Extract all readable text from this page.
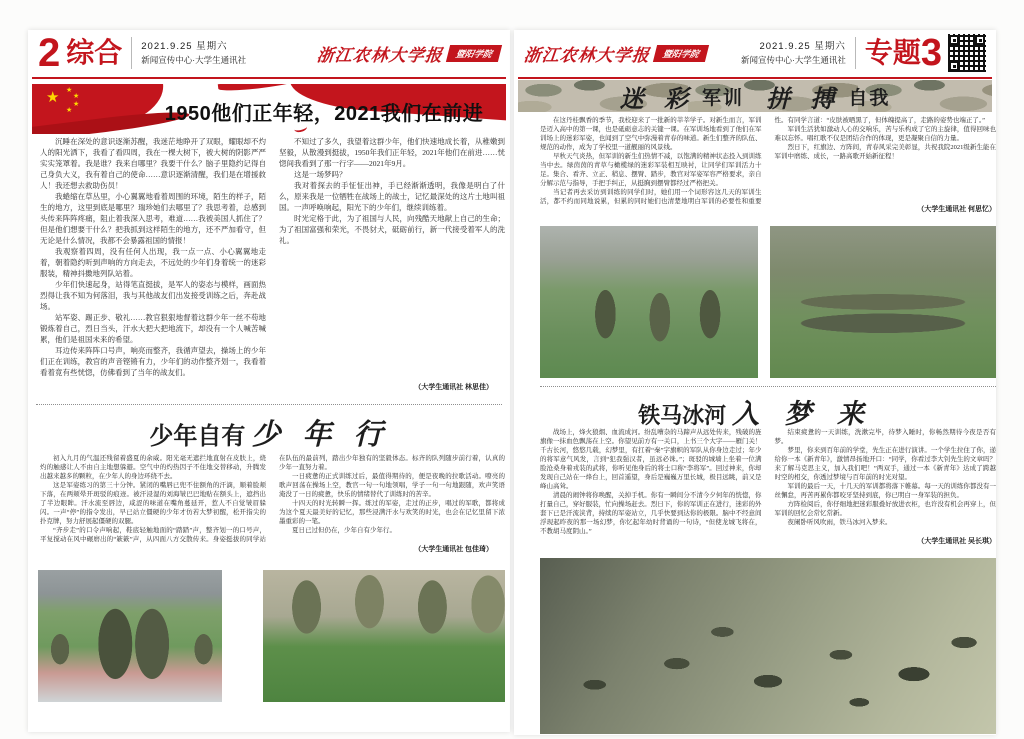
2 综合 2021.9.25 星期六
新闻宣传中心·大学生通讯社	浙江农林大学报	暨阳学院
★ ★
★
★
★	1950他们正年轻，2021我们在前进

沉睡在深处的意识逐渐苏醒，我迷茫地睁开了双眼，耀眼却不灼人的阳光洒下，我看了看四周，我在一棵大树下，被大树的阴影严严实实笼罩着。我是谁？我来自哪里？我要干什么？脑子里隐约记得自己身负大义，我有着自己的使命……意识逐渐清醒，我们是在增援救人！我还想去救助伤员！

我蜷缩在草丛里，小心翼翼地看着周围的环境，陌生的样子，陌生的地方，这里到底是哪里？瑞珍她们去哪里了？我思考着，总感到头传来阵阵疼痛，阻止着我深入思考，难道……我被美国人抓住了？但是他们想要干什么？把我抓到这样陌生的地方，还不严加看守，但无论是什么情况，我都不会暴露祖国的情报！

我观察着四周，没有任何人出现，我一点一点、小心翼翼地走着，朝着隐约听到声响的方向走去，不远处的少年们身着统一的迷彩服装，精神抖擞地列队站着。

少年们快速起身，站得笔直挺拔，是军人的姿态与模样，画面热烈得让我不知为何落泪，我与其他战友们出发接受训练之后，奔赴战场。

站军姿、踢正步、敬礼……教官狠狠地督着这群少年一丝不苟地锻炼着自己，烈日当头，汗水大把大把地流下，却没有一个人喊苦喊累，他们是祖国未来的希望。

耳边传来阵阵口号声，响亮而整齐，我循声望去，操场上的少年们正在训练，教官的声音铿锵有力，少年们的动作整齐划一，我看着看着竟有些恍惚，仿佛看到了当年的战友们。

不知过了多久，我望着这群少年，他们快速地成长着，从稚嫩到坚毅，从散漫到挺拔，1950年我们正年轻，2021年他们在前进……恍惚间我看到了那一行字——2021年9月。

这是一场梦吗？

我对着探去的手怔怔出神，手已经渐渐透明，我像是明白了什么，原来我是一位牺牲在战场上的战士，记忆最深处的这片土地叫祖国。一声呼唤响起，阳光下的少年们，继续训练着。

时光定格于此，为了祖国与人民，向残酷天地献上自己的生命；为了祖国富强和荣光，不畏豺犬，砥砺前行，新一代接受着军人的洗礼。

（大学生通讯社 林思佳）
少年自有 少 年 行

初入九月的气温还残留着盛夏的余威。阳光毫无遮拦地直射在皮肤上，烧灼的触感让人不由自主地想躲避。空气中的灼热因子不住地交替移动，升腾发出越来越多的颗粒，在少年人的身边环绕不去。

这是军姿练习的第三十分钟。紧闭的嘴唇已兜不住额角的汗滴，顺着脸颊下落，在两颊晕开斑驳的痕迹。被汗浸湿的刘海皱巴巴地贴在额头上，遮挡出了半边眼眸。汗水流至唇边，咸涩的味道在嘴角蔓延开，惹人不自觉皱眉躲闪。一声“停”的指令发出，早已站立僵硬的少年才仿若大梦初醒，松开指尖的扑克牌，努力舒展起僵硬的双腿。

“齐步走”的口令声响起，鞋底轻触地面的“踏踏”声，整齐划一的口号声，平复搅动在风中碾磨出的“簌簌”声，从四面八方交散传来。身姿挺拔的同学站在队伍的最前列，踏出少年独有的坚毅体态。标齐的队列随步前行着，认真的少年一直努力着。

一日疲惫的正式训练过后，最值得期待的，便是夜晚的拉歌活动。嘹亮的歌声回荡在操场上空，教官一句一句地领唱，学子一句一句地跟随，欢声笑语淹没了一日的疲惫，快乐的情绪替代了训练时的苦辛。

十四天的时光转瞬一挥。练过的军姿，走过的正步，唱过的军歌，都将成为这个夏天最美好的记忆，那些浸满汗水与欢笑的时光，也会在记忆里留下浓墨重彩的一笔。

夏日已过但仍在，少年自有少年行。

（大学生通讯社 包佳琦）
浙江农林大学报	暨阳学院
2021.9.25 星期六
新闻宣传中心·大学生通讯社 专题 3
迷 彩 军训 拼 搏 自我

在这丹桂飘香的季节，我校迎来了一批新的莘莘学子。对新生而言，军训是迈入高中的第一课，也是砥砺意志的关键一课。在军训场地看到了他们在军训场上的迷彩军姿，也闻到了空气中弥漫着青春的味道。新生们整齐的队伍、规范的动作，成为了学校里一道靓丽的风景线。

早秋天气炎热，但军训的新生们热情不减，以饱满的精神状态投入到训练当中去。绿茵茵的青草与橄榄绿的迷彩军装相互映衬，让同学们军训活力十足。集合、看齐、立正、稍息、摆臂、踏步，教官对军姿军容严格要求，亲自分解示范与指导，手把手纠正，从挺胸到摆臂都经过严格把关。

当记者再去采访到训练的同学们时，她们用一个词形容这几天的军训生活，都不约而同地说累，但累的同时她们也清楚地明白军训的必要性和重要性。有同学言道：“皮肤被晒黑了，但体魄提高了，走路的姿势也端正了。”

军训生活犹如激动人心的交响乐，苦与乐构成了它的主旋律，值得回味也难以忘怀。唱红歌不仅是团结合作的体现，更是凝聚自信的力量。

烈日下，红旗边、方阵间，青春风采完美彰显，共祝我院2021级新生能在军训中磨练、成长，一路高歌开始新征程！

（大学生通讯社 何思忆）
铁马冰河 入 梦 来

战场上，烽火狼烟、血流成河。纷乱嘈杂的马蹄声从远处传来，残破的旌旗像一抹血色飘荡在上空。你望见前方有一关口，上书三个大字——雁门关！千古长河，悠悠几载，幻梦里，有扛着“秦”字旗帜的军队从你身边走过；年少的将军意气风发，言到“犯我强汉者，虽远必诛。”；斑驳的城墙上坐着一位满脸沧桑身着戎装的武将，你听见他身后的将士口称“李将军”。回过神来，你却发现自己站在一烽台上，回首遥望，身后是巍巍万里长城，极目远眺，前又是峰山高耸。

清晨的闹钟将你唤醒，关掉手机。你有一瞬间分不清今夕何年的恍惚，你打量自己，穿好服装，忙向操场赶去。烈日下，你的军训正在进行，迷彩的外套下已是汗流浃背，持续的军姿站立，几乎快要到达你的极限。脑中不经意间浮现起昨夜的那一场幻梦，你忆起年幼时背诵的一句诗，“但使龙城飞将在，不教胡马度阴山。”

结束疲惫的一天训练，洗漱完毕，待梦入睡时，你畅然期待今夜是否有梦。

梦里，你来到百年前的学堂，先生正在进行演讲。一个学生拉住了你，递给你一本《新青年》，激情昂扬地开口：“同学，你看过李大钊先生的文章吗？来了解马克思主义，加入我们吧！”两双手，通过一本《新青年》达成了跨越时空的相交，你透过梦境与百年前的时光对望。

军训的最后一天，十几天的军训都将落下帷幕。每一天的训练你都没有一丝懈怠，再苦再累你都咬牙坚持到底，你已明白一身军装的担负。

方阵检阅后，你仔细地把迷彩服叠好放进衣柜，也许没有机会再穿上，但军训的回忆会常忆常新。

夜阑卧听风吹雨，铁马冰河入梦来。

（大学生通讯社 吴长琪）
